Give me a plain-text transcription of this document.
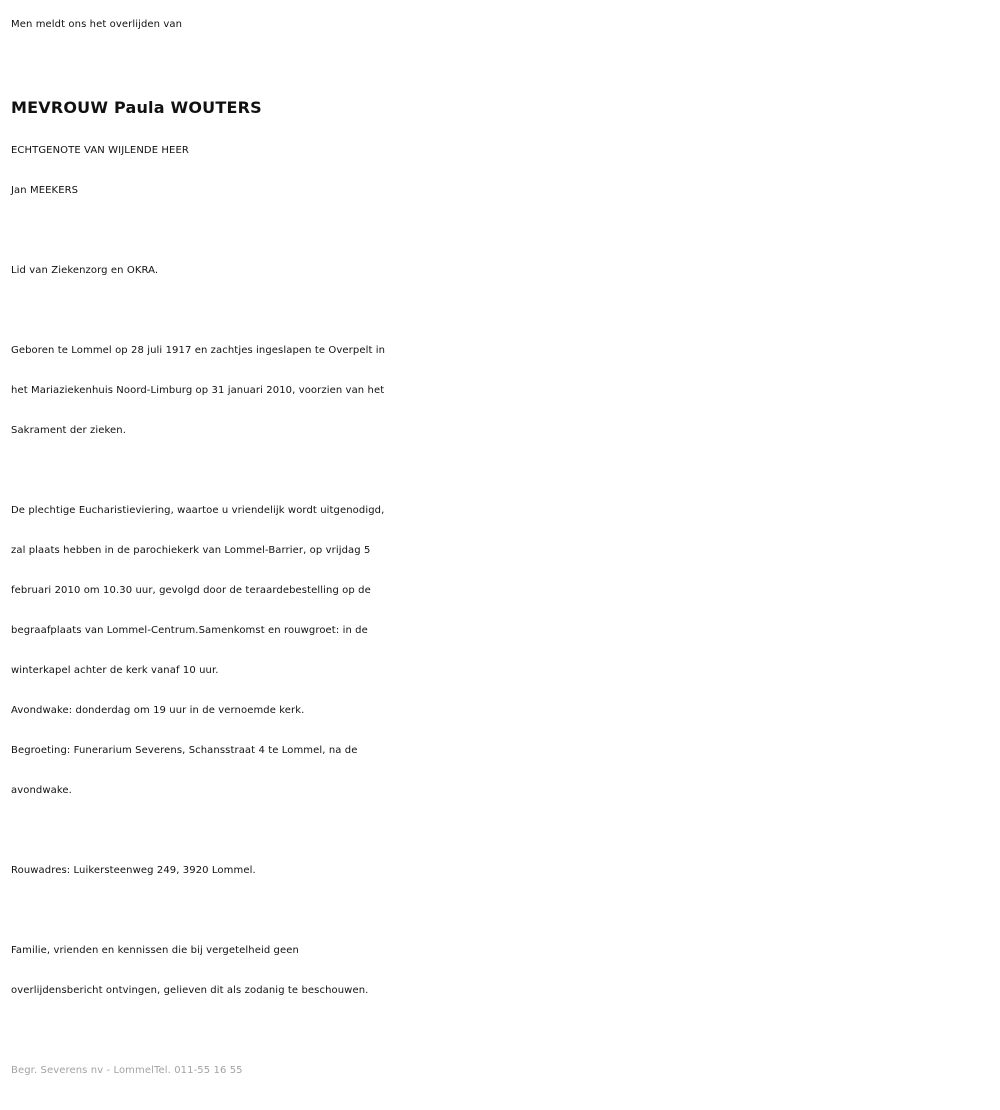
Men meldt ons het overlijden van
MEVROUW Paula WOUTERS
ECHTGENOTE VAN WIJLENDE HEER
Jan MEEKERS
Lid van Ziekenzorg en OKRA.
Geboren te Lommel op 28 juli 1917 en zachtjes ingeslapen te Overpelt in
het Mariaziekenhuis Noord-Limburg op 31 januari 2010, voorzien van het
Sakrament der zieken.
De plechtige Eucharistieviering, waartoe u vriendelijk wordt uitgenodigd,
zal plaats hebben in de parochiekerk van Lommel-Barrier, op vrijdag 5
februari 2010 om 10.30 uur, gevolgd door de teraardebestelling op de
begraafplaats van Lommel-Centrum.Samenkomst en rouwgroet: in de
winterkapel achter de kerk vanaf 10 uur.
Avondwake: donderdag om 19 uur in de vernoemde kerk.
Begroeting: Funerarium Severens, Schansstraat 4 te Lommel, na de
avondwake.
Rouwadres: Luikersteenweg 249, 3920 Lommel.
Familie, vrienden en kennissen die bij vergetelheid geen
overlijdensbericht ontvingen, gelieven dit als zodanig te beschouwen.
Begr. Severens nv - LommelTel. 011-55 16 55
